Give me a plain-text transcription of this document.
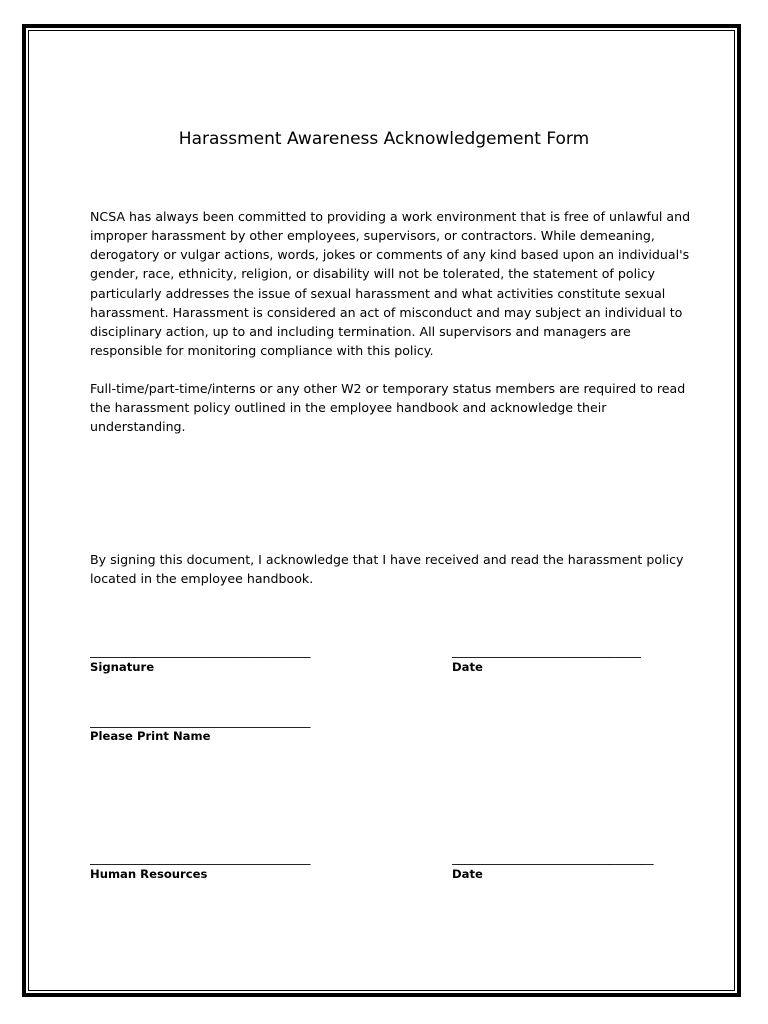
Harassment Awareness Acknowledgement Form
NCSA has always been committed to providing a work environment that is free of unlawful and
improper harassment by other employees, supervisors, or contractors. While demeaning,
derogatory or vulgar actions, words, jokes or comments of any kind based upon an individual's
gender, race, ethnicity, religion, or disability will not be tolerated, the statement of policy
particularly addresses the issue of sexual harassment and what activities constitute sexual
harassment. Harassment is considered an act of misconduct and may subject an individual to
disciplinary action, up to and including termination. All supervisors and managers are
responsible for monitoring compliance with this policy.
Full-time/part-time/interns or any other W2 or temporary status members are required to read
the harassment policy outlined in the employee handbook and acknowledge their
understanding.
By signing this document, I acknowledge that I have received and read the harassment policy
located in the employee handbook.
___________________________________
Signature
______________________________
Date
___________________________________
Please Print Name
___________________________________
Human Resources
________________________________
Date
